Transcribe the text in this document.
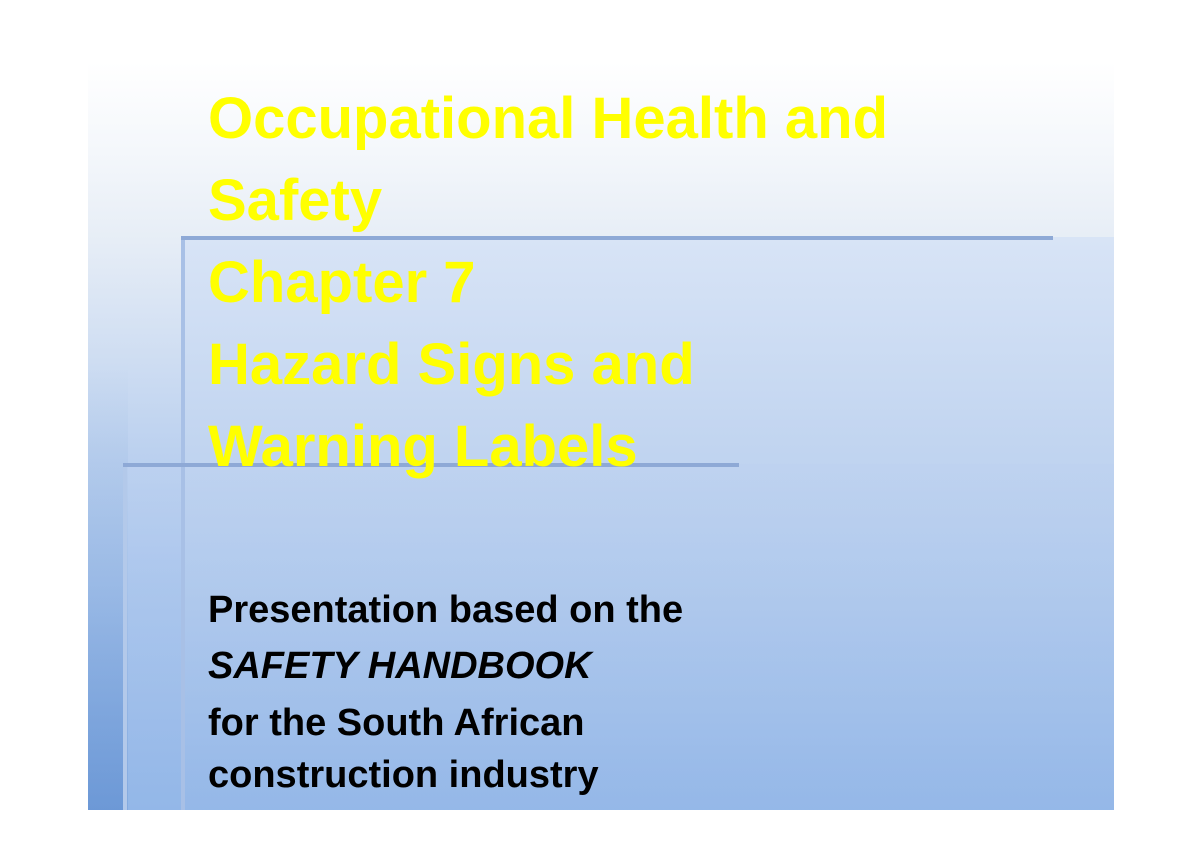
Occupational Health and
Safety
Chapter 7
Hazard Signs and
Warning Labels
Presentation based on the
SAFETY HANDBOOK
for the South African
construction industry
